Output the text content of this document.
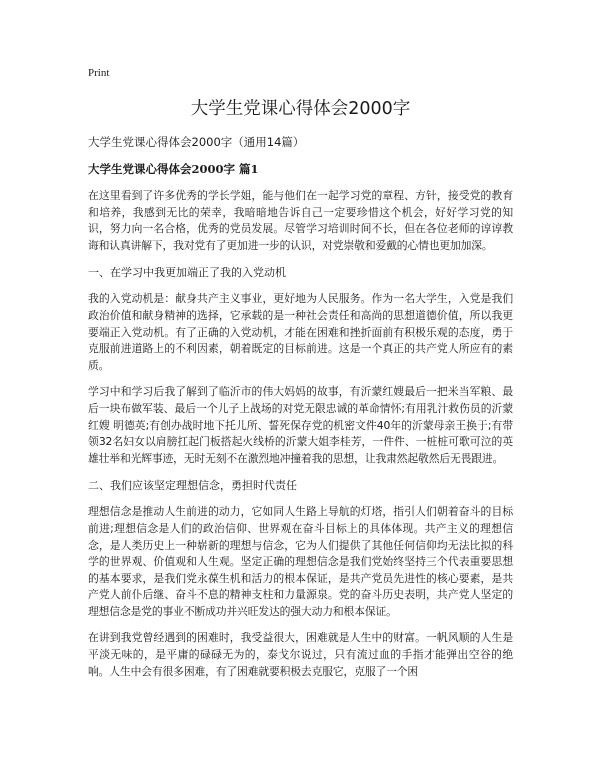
Print
大学生党课心得体会2000字
大学生党课心得体会2000字（通用14篇）
大学生党课心得体会2000字 篇1

在这里看到了许多优秀的学长学姐，能与他们在一起学习党的章程、方针，接受党的教育和培养，我感到无比的荣幸，我暗暗地告诉自己一定要珍惜这个机会，好好学习党的知识，努力向一名合格，优秀的党员发展。尽管学习培训时间不长，但在各位老师的谆谆教诲和认真讲解下，我对党有了更加进一步的认识，对党崇敬和爱戴的心情也更加加深。

一、在学习中我更加端正了我的入党动机

我的入党动机是：献身共产主义事业，更好地为人民服务。作为一名大学生，入党是我们政治价值和献身精神的选择，它承载的是一种社会责任和高尚的思想道德价值，所以我更要端正入党动机。有了正确的入党动机，才能在困难和挫折面前有积极乐观的态度，勇于克服前进道路上的不利因素，朝着既定的目标前进。这是一个真正的共产党人所应有的素质。

学习中和学习后我了解到了临沂市的伟大妈妈的故事，有沂蒙红嫂最后一把米当军粮、最后一块布做军装、最后一个儿子上战场的对党无限忠诚的革命情怀;有用乳汁救伤员的沂蒙红嫂 明德英;有创办战时地下托儿所、誓死保存党的机密文件40年的沂蒙母亲王换于;有带领32名妇女以肩膀扛起门板搭起火线桥的沂蒙大姐李桂芳，一件件、一桩桩可歌可泣的英雄壮举和光辉事迹，无时无刻不在激烈地冲撞着我的思想，让我肃然起敬然后无畏跟进。

二、我们应该坚定理想信念，勇担时代责任

理想信念是推动人生前进的动力，它如同人生路上导航的灯塔，指引人们朝着奋斗的目标前进;理想信念是人们的政治信仰、世界观在奋斗目标上的具体体现。共产主义的理想信念，是人类历史上一种崭新的理想与信念，它为人们提供了其他任何信仰均无法比拟的科学的世界观、价值观和人生观。坚定正确的理想信念是我们党始终坚持三个代表重要思想的基本要求，是我们党永葆生机和活力的根本保证，是共产党员先进性的核心要素，是共产党人前仆后继、奋斗不息的精神支柱和力量源泉。党的奋斗历史表明，共产党人坚定的理想信念是党的事业不断成功并兴旺发达的强大动力和根本保证。

在讲到我党曾经遇到的困难时，我受益很大，困难就是人生中的财富。一帆风顺的人生是平淡无味的，是平庸的碌碌无为的，泰戈尔说过，只有流过血的手指才能弹出空谷的绝响。人生中会有很多困难，有了困难就要积极去克服它，克服了一个困
